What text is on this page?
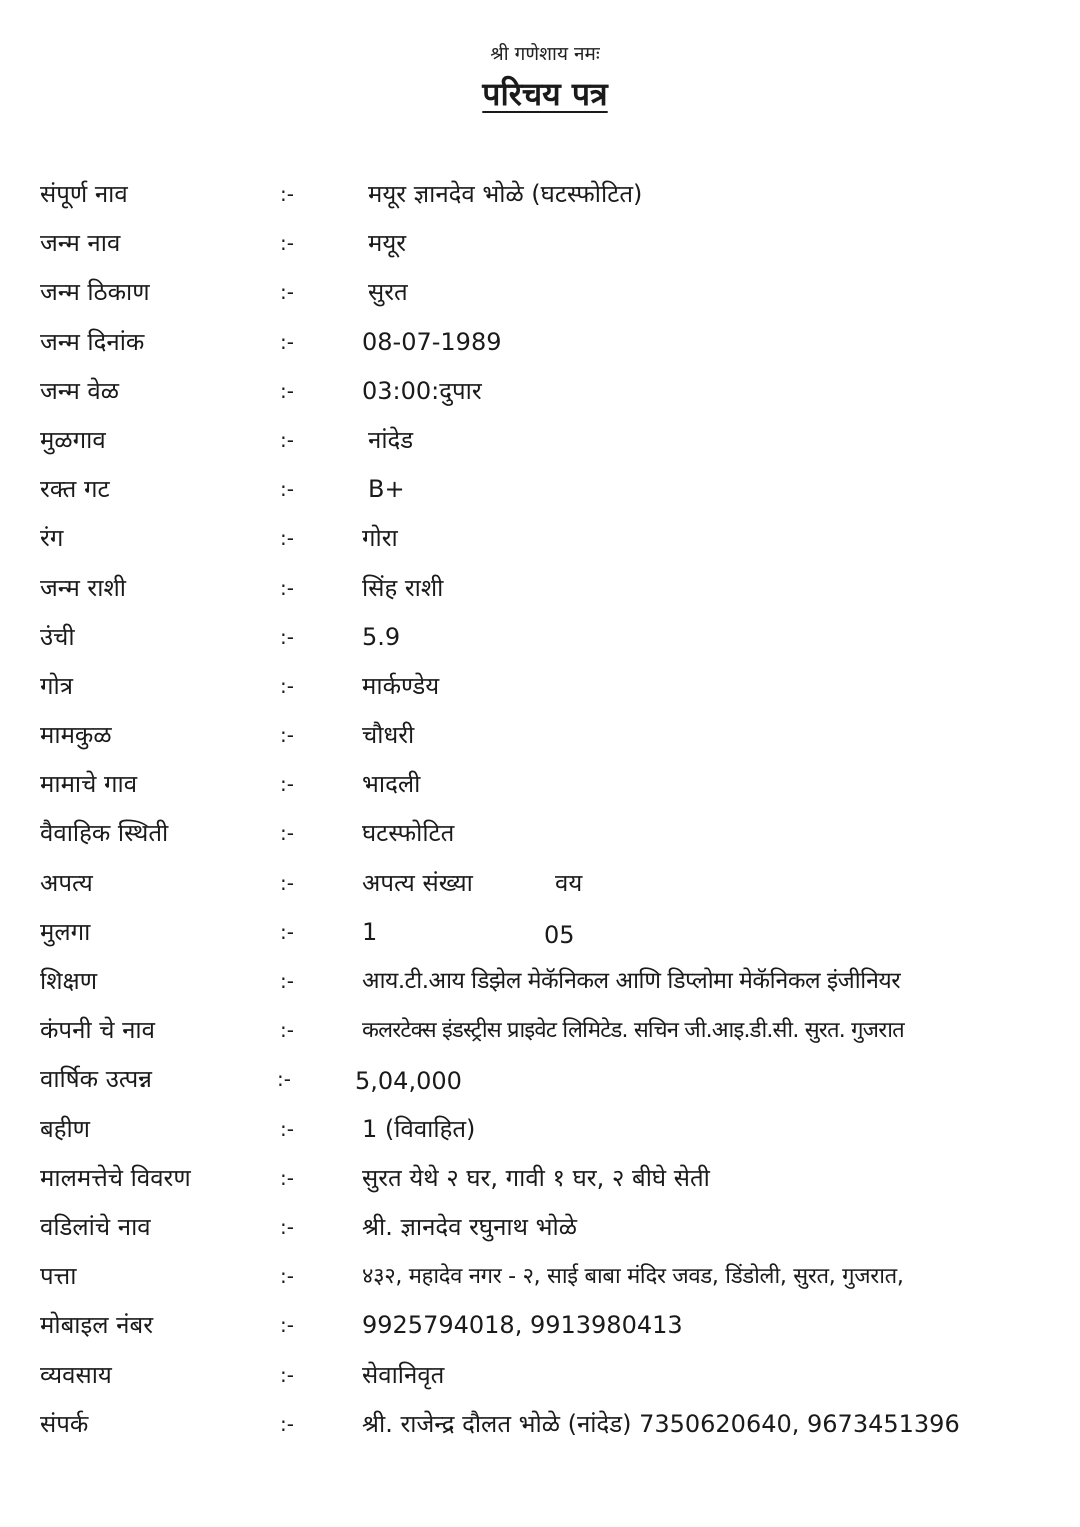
श्री गणेशाय नमः
परिचय पत्र
संपूर्ण नाव	:-	मयूर ज्ञानदेव भोळे (घटस्फोटित)
जन्म नाव	:-	मयूर
जन्म ठिकाण	:-	सुरत
जन्म दिनांक	:-	08-07-1989
जन्म वेळ	:-	03:00:दुपार
मुळगाव	:-	नांदेड
रक्त गट	:-	B+
रंग	:-	गोरा
जन्म राशी	:-	सिंह राशी
उंची	:-	5.9
गोत्र	:-	मार्कण्डेय
मामकुळ	:-	चौधरी
मामाचे गाव	:-	भादली
वैवाहिक स्थिती	:-	घटस्फोटित
अपत्य	:-	अपत्य संख्या	वय
मुलगा	:-	1	05
शिक्षण	:-	आय.टी.आय डिझेल मेकॅनिकल आणि डिप्लोमा मेकॅनिकल इंजीनियर
कंपनी चे नाव	:-	कलरटेक्स इंडस्ट्रीस प्राइवेट लिमिटेड. सचिन जी.आइ.डी.सी. सुरत. गुजरात
वार्षिक उत्पन्न	:-	5,04,000
बहीण	:-	1 (विवाहित)
मालमत्तेचे विवरण	:-	सुरत येथे २ घर, गावी १ घर, २ बीघे सेती
वडिलांचे नाव	:-	श्री. ज्ञानदेव रघुनाथ भोळे
पत्ता	:-	४३२, महादेव नगर - २, साई बाबा मंदिर जवड, डिंडोली, सुरत, गुजरात,
मोबाइल नंबर	:-	9925794018, 9913980413
व्यवसाय	:-	सेवानिवृत
संपर्क	:-	श्री. राजेन्द्र दौलत भोळे (नांदेड) 7350620640, 9673451396
